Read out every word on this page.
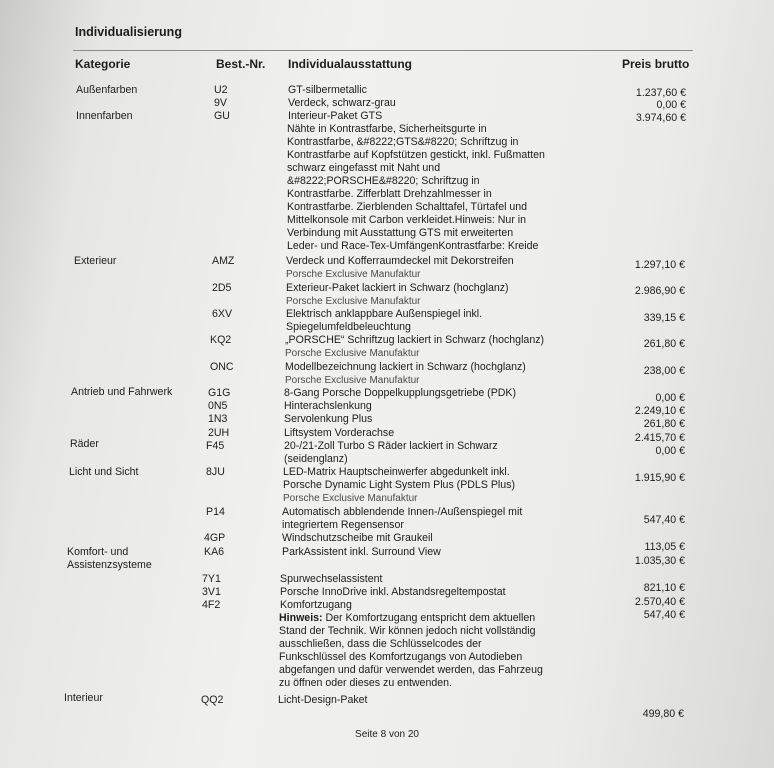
Individualisierung
Kategorie	Best.-Nr. Individualausstattung	Preis brutto
Außenfarben
Innenfarben
Exterieur
Antrieb und Fahrwerk
Räder
Licht und Sicht
Komfort- und
Assistenzsysteme
Interieur
U2
9V
GU
AMZ
2D5
6XV
KQ2
ONC
G1G
0N5
1N3
2UH
F45
8JU
P14
4GP
KA6
7Y1
3V1
4F2
QQ2
GT-silbermetallic
Verdeck, schwarz-grau
Interieur-Paket GTS
Nähte in Kontrastfarbe, Sicherheitsgurte in
Kontrastfarbe, &#8222;GTS&#8220; Schriftzug in
Kontrastfarbe auf Kopfstützen gestickt, inkl. Fußmatten
schwarz eingefasst mit Naht und
&#8222;PORSCHE&#8220; Schriftzug in
Kontrastfarbe. Zifferblatt Drehzahlmesser in
Kontrastfarbe. Zierblenden Schalttafel, Türtafel und
Mittelkonsole mit Carbon verkleidet.Hinweis: Nur in
Verbindung mit Ausstattung GTS mit erweiterten
Leder- und Race-Tex-UmfängenKontrastfarbe: Kreide
Verdeck und Kofferraumdeckel mit Dekorstreifen
Porsche Exclusive Manufaktur
Exterieur-Paket lackiert in Schwarz (hochglanz)
Porsche Exclusive Manufaktur
Elektrisch anklappbare Außenspiegel inkl.
Spiegelumfeldbeleuchtung
„PORSCHE“ Schriftzug lackiert in Schwarz (hochglanz)
Porsche Exclusive Manufaktur
Modellbezeichnung lackiert in Schwarz (hochglanz)
Porsche Exclusive Manufaktur
8-Gang Porsche Doppelkupplungsgetriebe (PDK)
Hinterachslenkung
Servolenkung Plus
Liftsystem Vorderachse
20-/21-Zoll Turbo S Räder lackiert in Schwarz
(seidenglanz)
LED-Matrix Hauptscheinwerfer abgedunkelt inkl.
Porsche Dynamic Light System Plus (PDLS Plus)
Porsche Exclusive Manufaktur
Automatisch abblendende Innen-/Außenspiegel mit
integriertem Regensensor
Windschutzscheibe mit Graukeil
ParkAssistent inkl. Surround View
Spurwechselassistent
Porsche InnoDrive inkl. Abstandsregeltempostat
Komfortzugang
Hinweis: Der Komfortzugang entspricht dem aktuellen
Stand der Technik. Wir können jedoch nicht vollständig
ausschließen, dass die Schlüsselcodes der
Funkschlüssel des Komfortzugangs von Autodieben
abgefangen und dafür verwendet werden, das Fahrzeug
zu öffnen oder dieses zu entwenden.
Licht-Design-Paket
1.237,60 €
0,00 €
3.974,60 €
1.297,10 €
2.986,90 €
339,15 €
261,80 €
238,00 €
0,00 €
2.249,10 €
261,80 €
2.415,70 €
0,00 €
1.915,90 €
547,40 €
113,05 €
1.035,30 €
821,10 €
2.570,40 €
547,40 €
499,80 €
Seite 8 von 20
